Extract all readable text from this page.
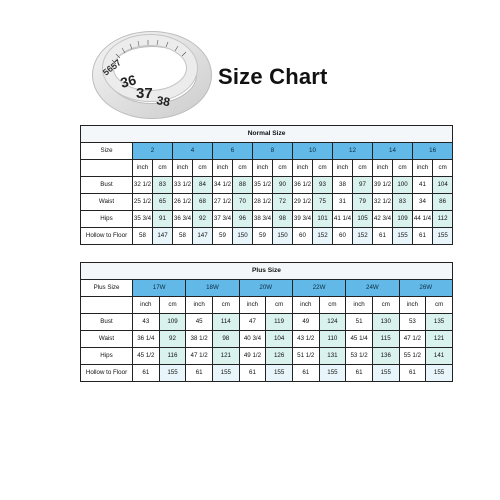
36
37 38
56
57	Size Chart
Normal Size																
Size	2		4		6		8		10		12		14		16	
	inch	cm	inch	cm	inch	cm	inch	cm	inch	cm	inch	cm	inch	cm	inch	cm
Bust	32 1/2	83	33 1/2	84	34 1/2	88	35 1/2	90	36 1/2	93	38	97	39 1/2	100	41	104
Waist	25 1/2	65	26 1/2	68	27 1/2	70	28 1/2	72	29 1/2	75	31	79	32 1/2	83	34	86
Hips	35 3/4	91	36 3/4	92	37 3/4	96	38 3/4	98	39 3/4	101	41 1/4	105	42 3/4	109	44 1/4	112
Hollow to Floor	58	147	58	147	59	150	59	150	60	152	60	152	61	155	61	155
Plus Size												
Plus Size	17W		18W		20W		22W		24W		26W	
	inch	cm	inch	cm	inch	cm	inch	cm	inch	cm	inch	cm
Bust	43	109	45	114	47	119	49	124	51	130	53	135
Waist	36 1/4	92	38 1/2	98	40 3/4	104	43 1/2	110	45 1/4	115	47 1/2	121
Hips	45 1/2	116	47 1/2	121	49 1/2	126	51 1/2	131	53 1/2	136	55 1/2	141
Hollow to Floor	61	155	61	155	61	155	61	155	61	155	61	155
